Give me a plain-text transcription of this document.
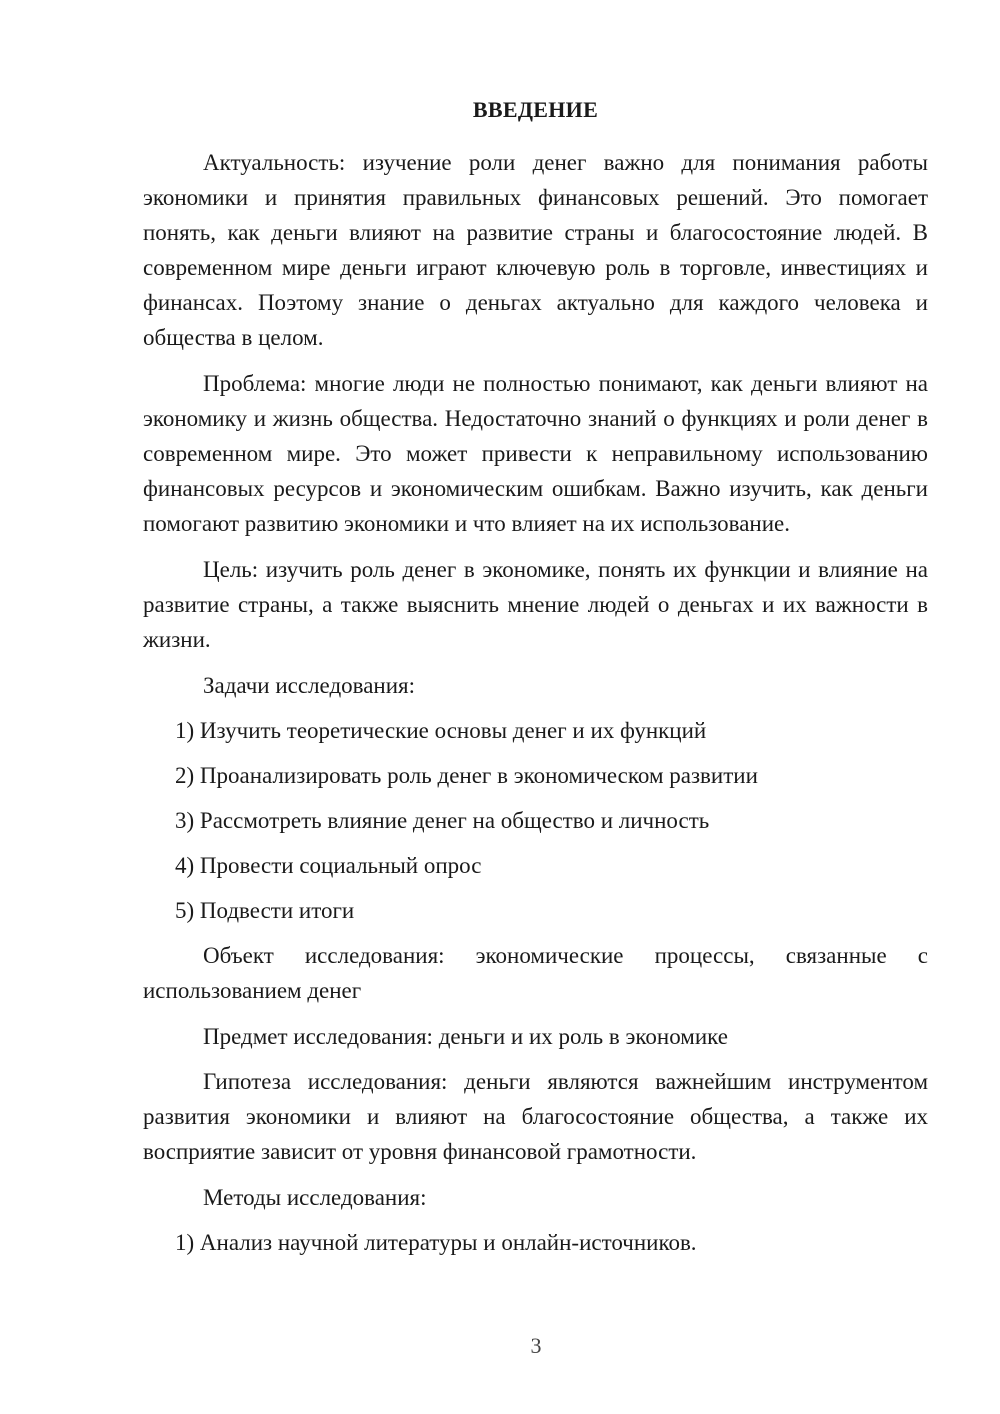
ВВЕДЕНИЕ

Актуальность: изучение роли денег важно для понимания работы экономики и принятия правильных финансовых решений. Это помогает понять, как деньги влияют на развитие страны и благосостояние людей. В современном мире деньги играют ключевую роль в торговле, инвестициях и финансах. Поэтому знание о деньгах актуально для каждого человека и общества в целом.

Проблема: многие люди не полностью понимают, как деньги влияют на экономику и жизнь общества. Недостаточно знаний о функциях и роли денег в современном мире. Это может привести к неправильному использованию финансовых ресурсов и экономическим ошибкам. Важно изучить, как деньги помогают развитию экономики и что влияет на их использование.

Цель: изучить роль денег в экономике, понять их функции и влияние на развитие страны, а также выяснить мнение людей о деньгах и их важности в жизни.

Задачи исследования:
1) Изучить теоретические основы денег и их функций
2) Проанализировать роль денег в экономическом развитии
3) Рассмотреть влияние денег на общество и личность
4) Провести социальный опрос
5) Подвести итоги

Объект исследования: экономические процессы, связанные с использованием денег

Предмет исследования: деньги и их роль в экономике

Гипотеза исследования: деньги являются важнейшим инструментом развития экономики и влияют на благосостояние общества, а также их восприятие зависит от уровня финансовой грамотности.

Методы исследования:
1) Анализ научной литературы и онлайн-источников.
3
